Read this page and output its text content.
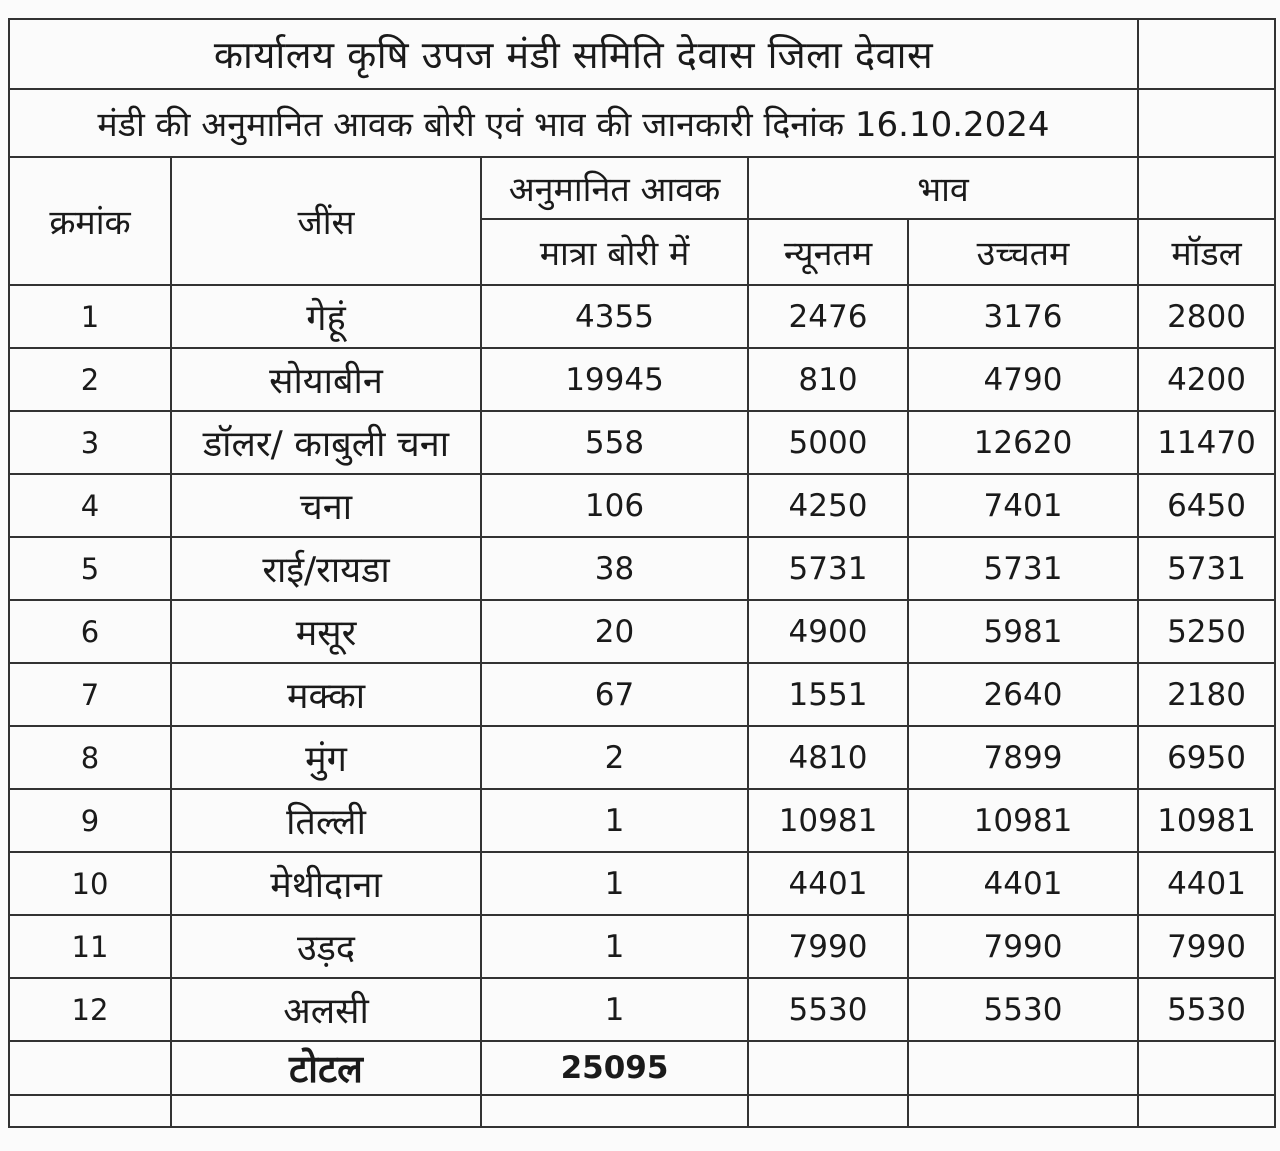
कार्यालय कृषि उपज मंडी समिति देवास जिला देवास					
मंडी की अनुमानित आवक बोरी एवं भाव की जानकारी दिनांक 16.10.2024					
क्रमांक	जींस	अनुमानित आवक	भाव		
		मात्रा बोरी में	न्यूनतम	उच्चतम	मॉडल
1	गेहूं	4355	2476	3176	2800
2	सोयाबीन	19945	810	4790	4200
3	डॉलर/ काबुली चना	558	5000	12620	11470
4	चना	106	4250	7401	6450
5	राई/रायडा	38	5731	5731	5731
6	मसूर	20	4900	5981	5250
7	मक्का	67	1551	2640	2180
8	मुंग	2	4810	7899	6950
9	तिल्ली	1	10981	10981	10981
10	मेथीदाना	1	4401	4401	4401
11	उड़द	1	7990	7990	7990
12	अलसी	1	5530	5530	5530
	टोटल	25095			
